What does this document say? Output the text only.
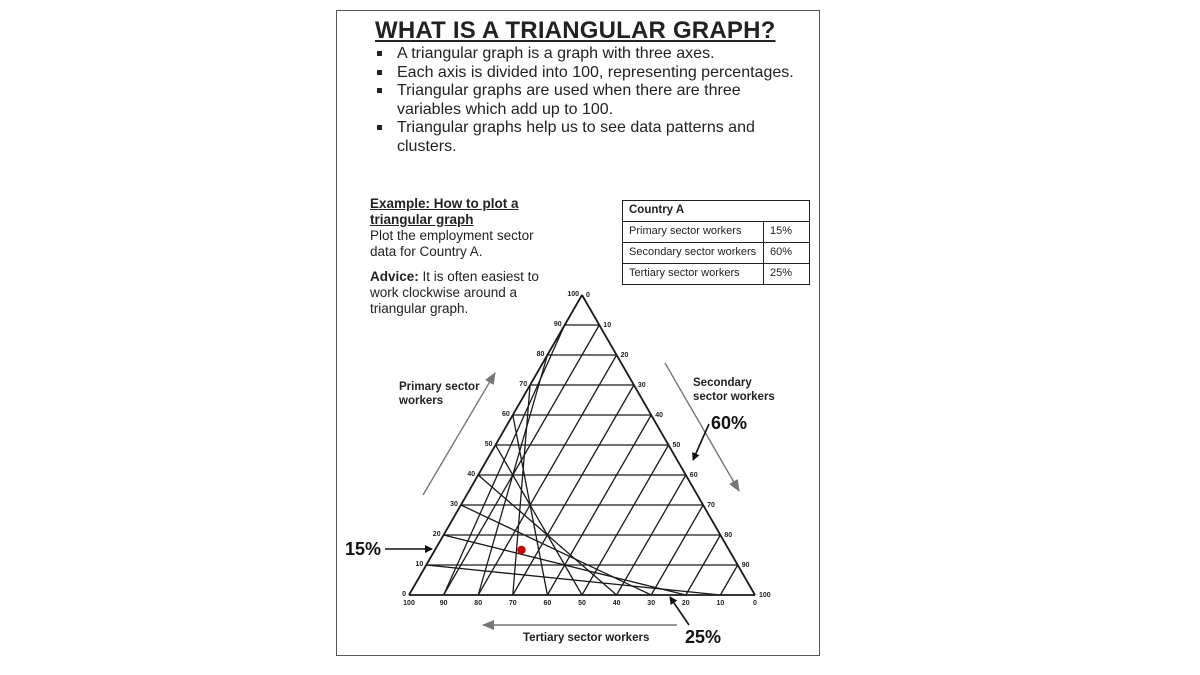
WHAT IS A TRIANGULAR GRAPH?
A triangular graph is a graph with three axes.
Each axis is divided into 100, representing percentages.
Triangular graphs are used when there are three variables which add up to 100.
Triangular graphs help us to see data patterns and clusters.
Example: How to plot a triangular graph
Plot the employment sector data for Country A.
Advice: It is often easiest to work clockwise around a triangular graph.
Country A	
Primary sector workers	15%
Secondary sector workers	60%
Tertiary sector workers	25%
0
0
100
10
10
90
20
20
80
30
30
70
40
40
60
50	50
50
60
60
40
70
70
30
80
80
20
90
90
10
100
100
0
Primary sector
workers
Secondary
sector workers
Tertiary sector workers
15%
60%
25%
